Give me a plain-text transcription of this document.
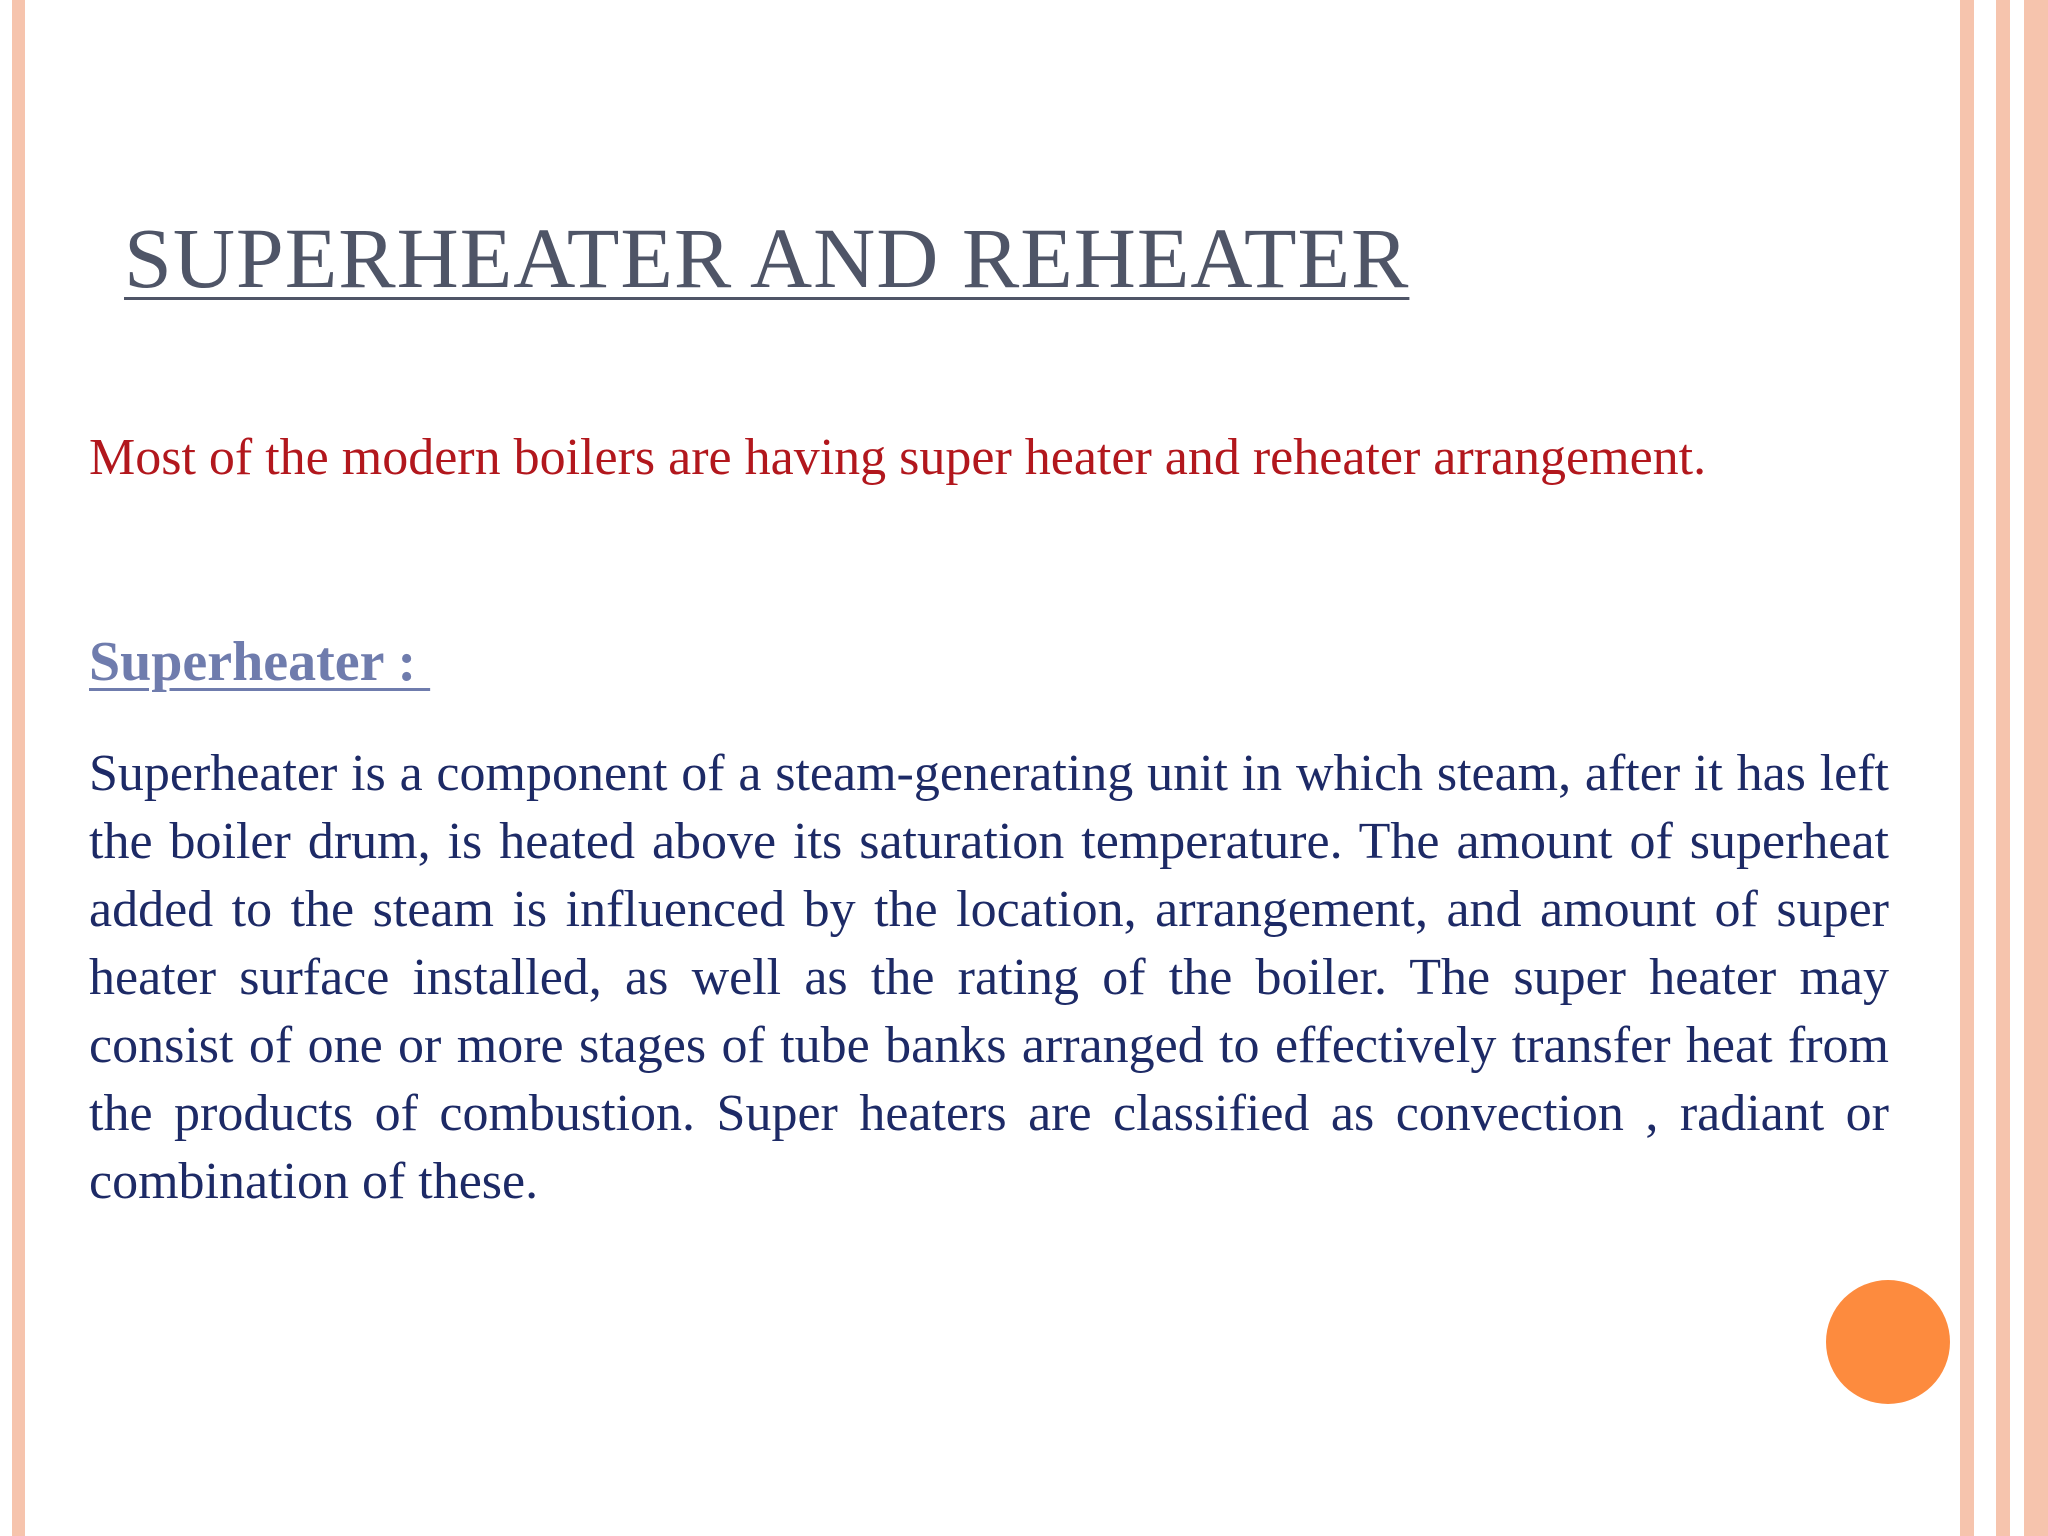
SUPERHEATER AND REHEATER

Most of the modern boilers are having super heater and reheater arrangement.

Superheater :

Superheater is a component of a steam-generating unit in which steam, after it has left the boiler drum, is heated above its saturation temperature. The amount of superheat added to the steam is influenced by the location, arrangement, and amount of super heater surface installed, as well as the rating of the boiler. The super heater may consist of one or more stages of tube banks arranged to effectively transfer heat from the products of combustion. Super heaters are classified as convection , radiant or combination of these.
